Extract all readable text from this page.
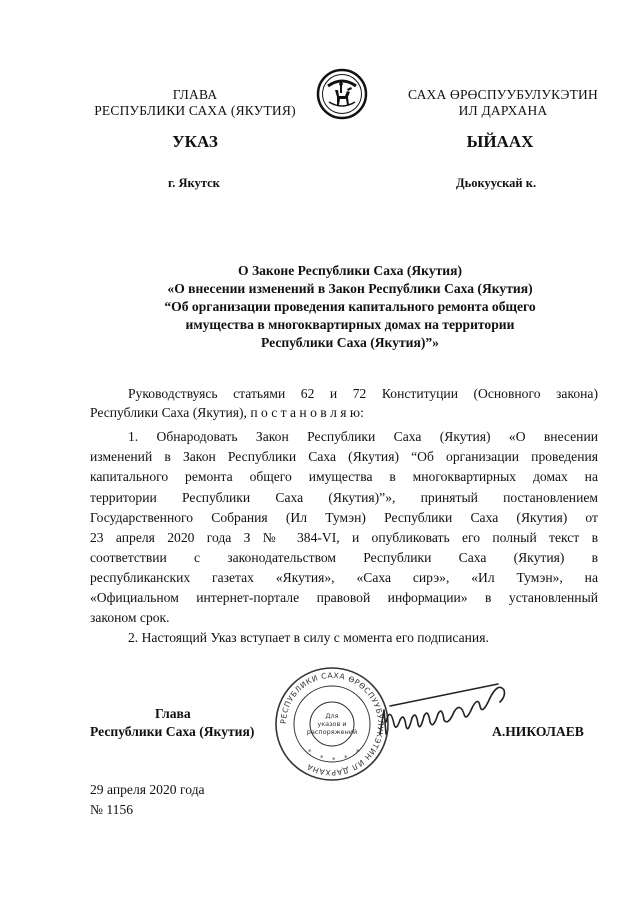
ГЛАВА
РЕСПУБЛИКИ САХА (ЯКУТИЯ)
САХА ӨРӨСПУУБУЛУКЭТИН
ИЛ ДАРХАНА
УКАЗ	ЫЙААХ
г. Якутск	Дьокуускай к.
О Законе Республики Саха (Якутия)
«О внесении изменений в Закон Республики Саха (Якутия)
“Об организации проведения капитального ремонта общего
имущества в многоквартирных домах на территории
Республики Саха (Якутия)”»
Руководствуясь статьями 62 и 72 Конституции (Основного закона)
Республики Саха (Якутия), п о с т а н о в л я ю:
1. Обнародовать Закон Республики Саха (Якутия) «О внесении
изменений в Закон Республики Саха (Якутия) “Об организации проведения
капитального ремонта общего имущества в многоквартирных домах на
территории Республики Саха (Якутия)”», принятый постановлением
Государственного Собрания (Ил Тумэн) Республики Саха (Якутия) от
23 апреля 2020 года З № 384-VI, и опубликовать его полный текст в
соответствии с законодательством Республики Саха (Якутия) в
республиканских газетах «Якутия», «Саха сирэ», «Ил Тумэн», на
«Официальном интернет-портале правовой информации» в установленный
законом срок.
2. Настоящий Указ вступает в силу с момента его подписания.
Глава
Республики Саха (Якутия)
РЕСПУБЛИКИ САХА ӨРӨСПУУБУЛУКЭТИН ИЛ ДАРХАНА
Для
указов и
распоряжений
*
* * *
*
А.НИКОЛАЕВ
29 апреля 2020 года
№ 1156
